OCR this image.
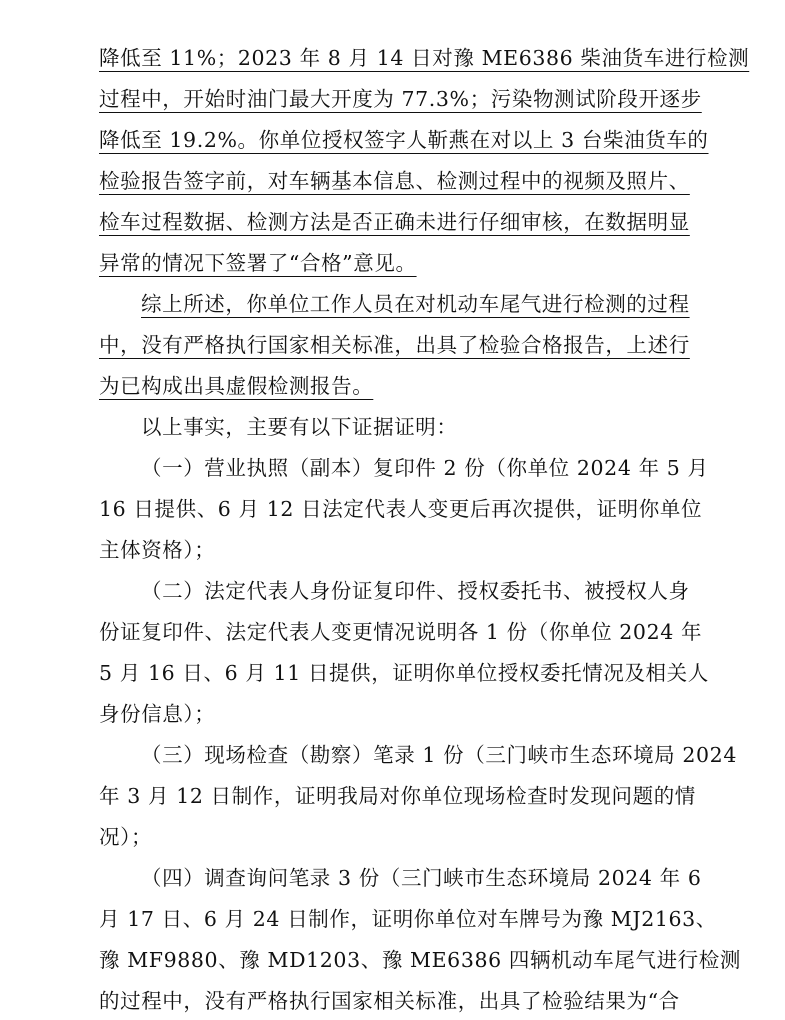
降低至 11%；2023 年 8 月 14 日对豫 ME6386 柴油货车进行检测
过程中，开始时油门最大开度为 77.3%；污染物测试阶段开逐步
降低至 19.2%。你单位授权签字人靳燕在对以上 3 台柴油货车的
检验报告签字前，对车辆基本信息、检测过程中的视频及照片、
检车过程数据、检测方法是否正确未进行仔细审核，在数据明显
异常的情况下签署了“合格”意见。
综上所述，你单位工作人员在对机动车尾气进行检测的过程
中，没有严格执行国家相关标准，出具了检验合格报告，上述行
为已构成出具虚假检测报告。
以上事实，主要有以下证据证明：
（一）营业执照（副本）复印件 2 份（你单位 2024 年 5 月
16 日提供、6 月 12 日法定代表人变更后再次提供，证明你单位
主体资格）；
（二）法定代表人身份证复印件、授权委托书、被授权人身
份证复印件、法定代表人变更情况说明各 1 份（你单位 2024 年
5 月 16 日、6 月 11 日提供，证明你单位授权委托情况及相关人
身份信息）；
（三）现场检查（勘察）笔录 1 份（三门峡市生态环境局 2024
年 3 月 12 日制作，证明我局对你单位现场检查时发现问题的情
况）；
（四）调查询问笔录 3 份（三门峡市生态环境局 2024 年 6
月 17 日、6 月 24 日制作，证明你单位对车牌号为豫 MJ2163、
豫 MF9880、豫 MD1203、豫 ME6386 四辆机动车尾气进行检测
的过程中，没有严格执行国家相关标准，出具了检验结果为“合
